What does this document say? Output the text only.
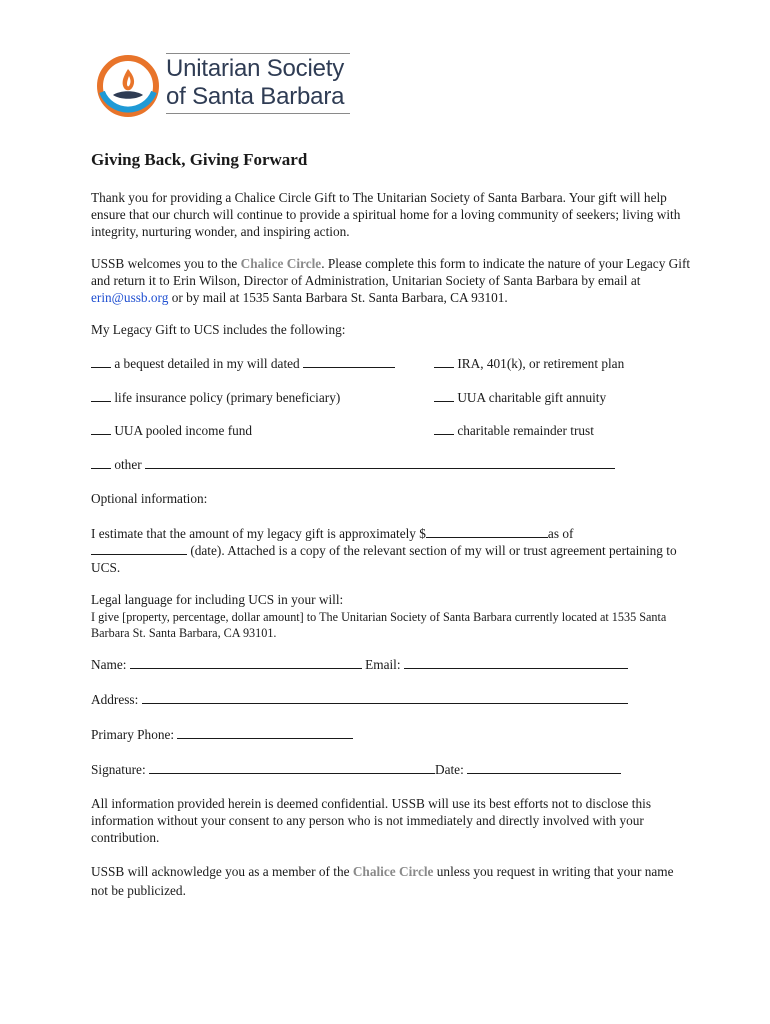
Unitarian Society
of Santa Barbara
Giving Back, Giving Forward
Thank you for providing a Chalice Circle Gift to The Unitarian Society of Santa Barbara. Your gift will help ensure that our church will continue to provide a spiritual home for a loving community of seekers; living with integrity, nurturing wonder, and inspiring action.
USSB welcomes you to the Chalice Circle. Please complete this form to indicate the nature of your Legacy Gift and return it to Erin Wilson, Director of Administration, Unitarian Society of Santa Barbara by email at erin@ussb.org or by mail at 1535 Santa Barbara St. Santa Barbara, CA 93101.
My Legacy Gift to UCS includes the following:
a bequest detailed in my will dated	IRA, 401(k), or retirement plan
life insurance policy (primary beneficiary)	UUA charitable gift annuity
UUA pooled income fund	charitable remainder trust
other
Optional information:
I estimate that the amount of my legacy gift is approximately $	as of
(date). Attached is a copy of the relevant section of my will or trust agreement pertaining to UCS.
Legal language for including UCS in your will:
I give [property, percentage, dollar amount] to The Unitarian Society of Santa Barbara currently located at 1535 Santa Barbara St. Santa Barbara, CA 93101.
Name:	Email:
Address:
Primary Phone:
Signature:	Date:
All information provided herein is deemed confidential. USSB will use its best efforts not to disclose this information without your consent to any person who is not immediately and directly involved with your contribution.
USSB will acknowledge you as a member of the Chalice Circle unless you request in writing that your name not be publicized.
